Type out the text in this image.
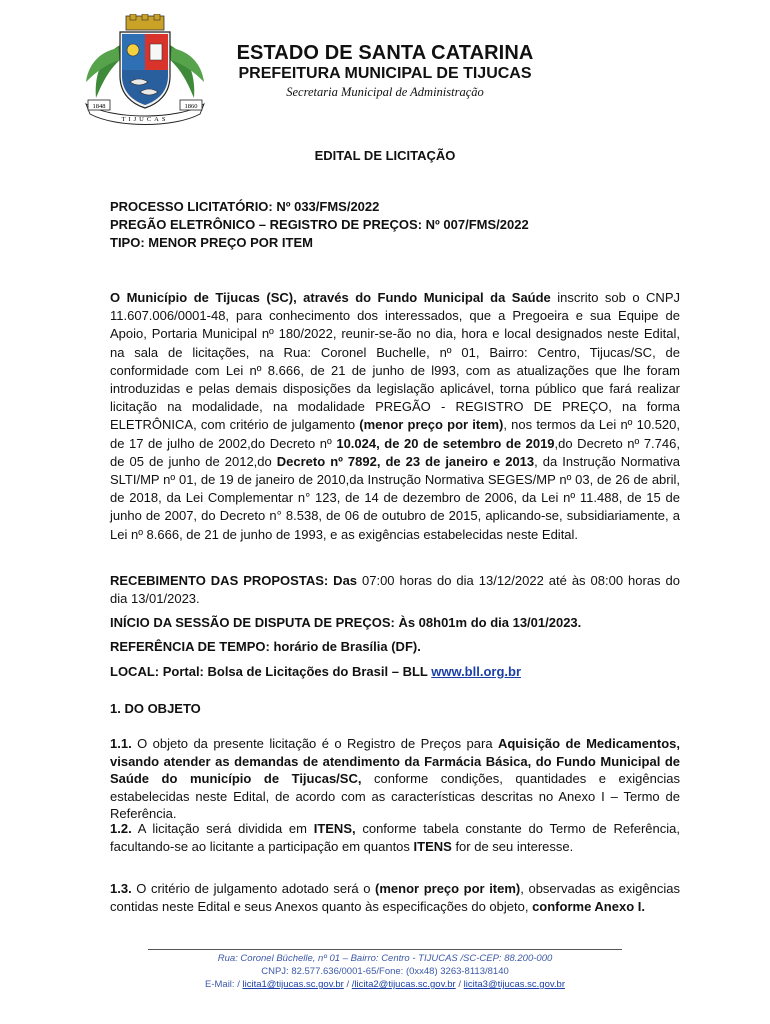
1848	1860
TIJUCAS
ESTADO DE SANTA CATARINA
PREFEITURA MUNICIPAL DE TIJUCAS
Secretaria Municipal de Administração
EDITAL DE LICITAÇÃO
PROCESSO LICITATÓRIO: Nº 033/FMS/2022
PREGÃO ELETRÔNICO – REGISTRO DE PREÇOS: Nº 007/FMS/2022
TIPO: MENOR PREÇO POR ITEM
O Município de Tijucas (SC), através do Fundo Municipal da Saúde inscrito sob o CNPJ 11.607.006/0001-48, para conhecimento dos interessados, que a Pregoeira e sua Equipe de Apoio, Portaria Municipal nº 180/2022, reunir-se-ão no dia, hora e local designados neste Edital, na sala de licitações, na Rua: Coronel Buchelle, nº 01, Bairro: Centro, Tijucas/SC, de conformidade com Lei nº 8.666, de 21 de junho de l993, com as atualizações que lhe foram introduzidas e pelas demais disposições da legislação aplicável, torna público que fará realizar licitação na modalidade, na modalidade PREGÃO - REGISTRO DE PREÇO, na forma ELETRÔNICA, com critério de julgamento (menor preço por item), nos termos da Lei nº 10.520, de 17 de julho de 2002,do Decreto nº 10.024, de 20 de setembro de 2019,do Decreto nº 7.746, de 05 de junho de 2012,do Decreto nº 7892, de 23 de janeiro e 2013, da Instrução Normativa SLTI/MP nº 01, de 19 de janeiro de 2010,da Instrução Normativa SEGES/MP nº 03, de 26 de abril, de 2018, da Lei Complementar n° 123, de 14 de dezembro de 2006, da Lei nº 11.488, de 15 de junho de 2007, do Decreto n° 8.538, de 06 de outubro de 2015, aplicando-se, subsidiariamente, a Lei nº 8.666, de 21 de junho de 1993, e as exigências estabelecidas neste Edital.
RECEBIMENTO DAS PROPOSTAS: Das 07:00 horas do dia 13/12/2022 até às 08:00 horas do dia 13/01/2023.
INÍCIO DA SESSÃO DE DISPUTA DE PREÇOS: Às 08h01m do dia 13/01/2023.
REFERÊNCIA DE TEMPO: horário de Brasília (DF).
LOCAL: Portal: Bolsa de Licitações do Brasil – BLL www.bll.org.br
1. DO OBJETO
1.1. O objeto da presente licitação é o Registro de Preços para Aquisição de Medicamentos, visando atender as demandas de atendimento da Farmácia Básica, do Fundo Municipal de Saúde do município de Tijucas/SC, conforme condições, quantidades e exigências estabelecidas neste Edital, de acordo com as características descritas no Anexo I – Termo de Referência.
1.2. A licitação será dividida em ITENS, conforme tabela constante do Termo de Referência, facultando-se ao licitante a participação em quantos ITENS for de seu interesse.
1.3. O critério de julgamento adotado será o (menor preço por item), observadas as exigências contidas neste Edital e seus Anexos quanto às especificações do objeto, conforme Anexo I.
Rua: Coronel Büchelle, nº 01 – Bairro: Centro - TIJUCAS /SC-CEP: 88.200-000
CNPJ: 82.577.636/0001-65/Fone: (0xx48) 3263-8113/8140
E-Mail: / licita1@tijucas.sc.gov.br / /licita2@tijucas.sc.gov.br / licita3@tijucas.sc.gov.br
